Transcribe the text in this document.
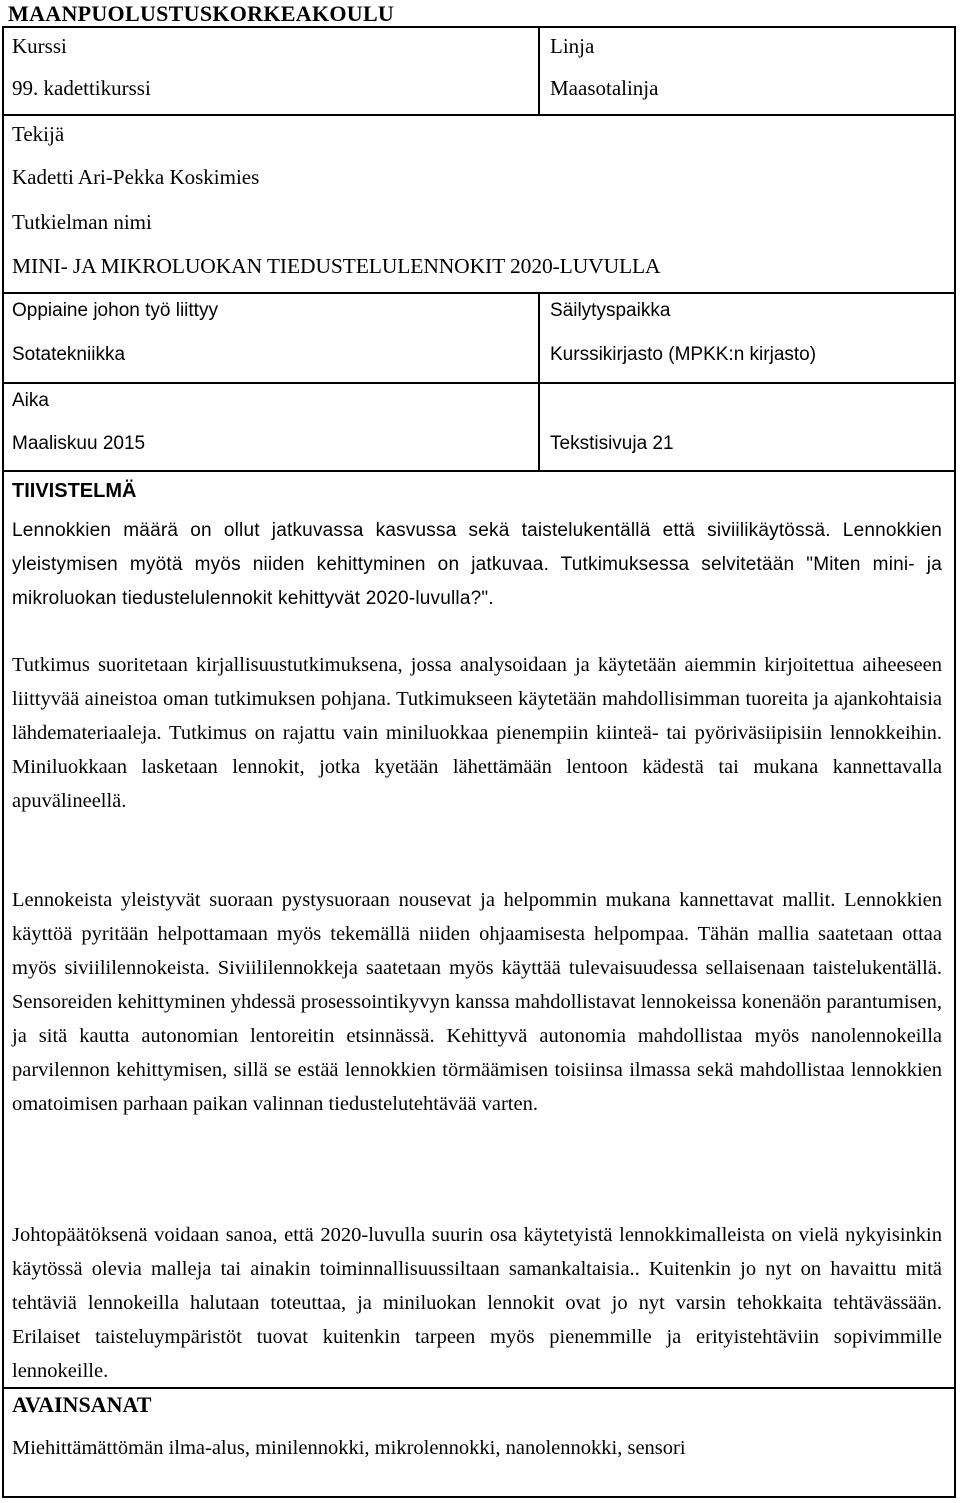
MAANPUOLUSTUSKORKEAKOULU
Kurssi
99. kadettikurssi
Linja
Maasotalinja
Tekijä
Kadetti Ari-Pekka Koskimies
Tutkielman nimi
MINI- JA MIKROLUOKAN TIEDUSTELULENNOKIT 2020-LUVULLA
Oppiaine johon työ liittyy
Sotatekniikka
Säilytyspaikka
Kurssikirjasto (MPKK:n kirjasto)
Aika
Maaliskuu 2015	Tekstisivuja 21
TIIVISTELMÄ
Lennokkien määrä on ollut jatkuvassa kasvussa sekä taistelukentällä että siviilikäytössä. Lennokkien yleistymisen myötä myös niiden kehittyminen on jatkuvaa. Tutkimuksessa selvitetään "Miten mini- ja mikroluokan tiedustelulennokit kehittyvät 2020-luvulla?".
Tutkimus suoritetaan kirjallisuustutkimuksena, jossa analysoidaan ja käytetään aiemmin kirjoitettua aiheeseen liittyvää aineistoa oman tutkimuksen pohjana. Tutkimukseen käytetään mahdollisimman tuoreita ja ajankohtaisia lähdemateriaaleja. Tutkimus on rajattu vain miniluokkaa pienempiin kiinteä- tai pyöriväsiipisiin lennokkeihin. Miniluokkaan lasketaan lennokit, jotka kyetään lähettämään lentoon kädestä tai mukana kannettavalla apuvälineellä.
Lennokeista yleistyvät suoraan pystysuoraan nousevat ja helpommin mukana kannettavat mallit. Lennokkien käyttöä pyritään helpottamaan myös tekemällä niiden ohjaamisesta helpompaa. Tähän mallia saatetaan ottaa myös siviililennokeista. Siviililennokkeja saatetaan myös käyttää tulevaisuudessa sellaisenaan taistelukentällä. Sensoreiden kehittyminen yhdessä prosessointikyvyn kanssa mahdollistavat lennokeissa konenäön parantumisen, ja sitä kautta autonomian lentoreitin etsinnässä. Kehittyvä autonomia mahdollistaa myös nanolennokeilla parvilennon kehittymisen, sillä se estää lennokkien törmäämisen toisiinsa ilmassa sekä mahdollistaa lennokkien omatoimisen parhaan paikan valinnan tiedustelutehtävää varten.
Johtopäätöksenä voidaan sanoa, että 2020-luvulla suurin osa käytetyistä lennokkimalleista on vielä nykyisinkin käytössä olevia malleja tai ainakin toiminnallisuussiltaan samankaltaisia.. Kuitenkin jo nyt on havaittu mitä tehtäviä lennokeilla halutaan toteuttaa, ja miniluokan lennokit ovat jo nyt varsin tehokkaita tehtävässään. Erilaiset taisteluympäristöt tuovat kuitenkin tarpeen myös pienemmille ja erityistehtäviin sopivimmille lennokeille.
AVAINSANAT
Miehittämättömän ilma-alus, minilennokki, mikrolennokki, nanolennokki, sensori
